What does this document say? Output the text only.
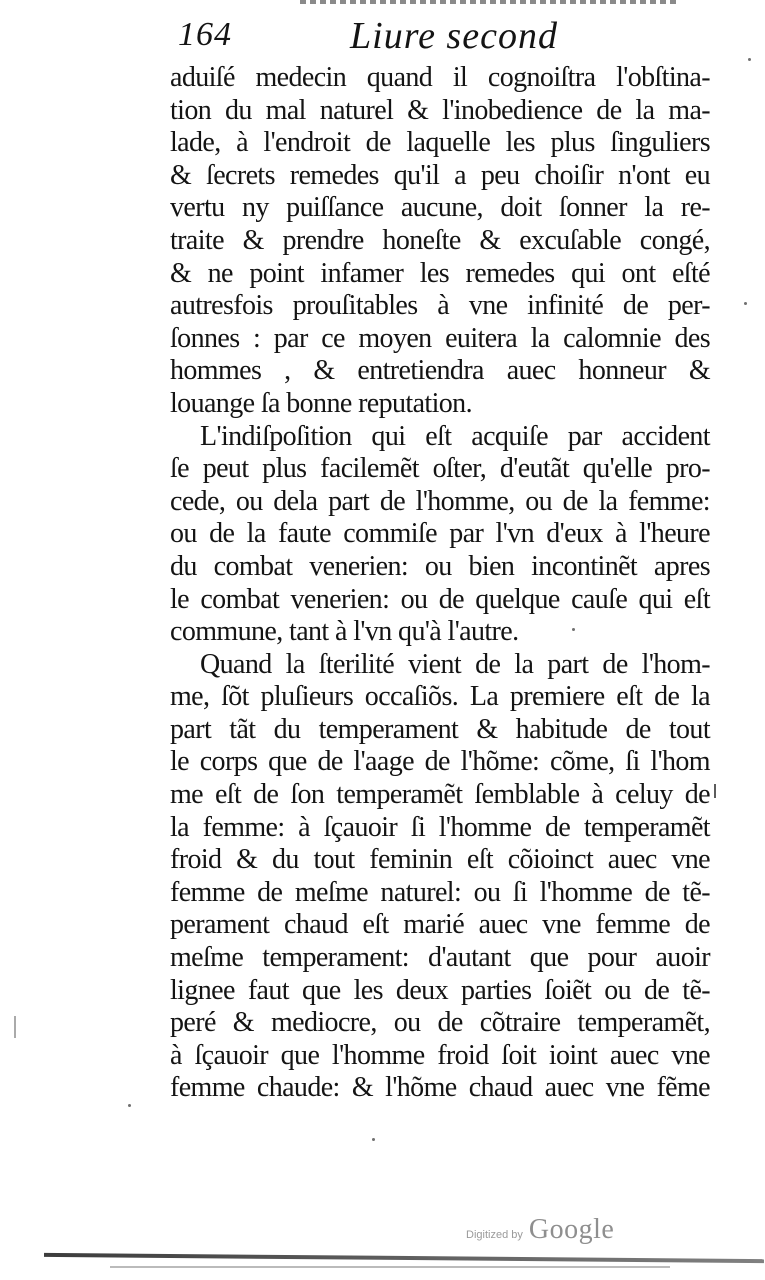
164	Liure second
aduiſé medecin quand il cognoiſtra l'obſtina-
tion du mal naturel & l'inobedience de la ma-
lade, à l'endroit de laquelle les plus ſinguliers
& ſecrets remedes qu'il a peu choiſir n'ont eu
vertu ny puiſſance aucune, doit ſonner la re-
traite & prendre honeſte & excuſable congé,
& ne point infamer les remedes qui ont eſté
autresfois prouſitables à vne infinité de per-
ſonnes : par ce moyen euitera la calomnie des
hommes , & entretiendra auec honneur &
louange ſa bonne reputation.
L'indiſpoſition qui eſt acquiſe par accident
ſe peut plus facilemẽt oſter, d'eutãt qu'elle pro-
cede, ou dela part de l'homme, ou de la femme:
ou de la faute commiſe par l'vn d'eux à l'heure
du combat venerien: ou bien incontinẽt apres
le combat venerien: ou de quelque cauſe qui eſt
commune, tant à l'vn qu'à l'autre.
Quand la ſterilité vient de la part de l'hom-
me, ſõt pluſieurs occaſiõs. La premiere eſt de la
part tãt du temperament & habitude de tout
le corps que de l'aage de l'hõme: cõme, ſi l'hom
me eſt de ſon temperamẽt ſemblable à celuy de
la femme: à ſçauoir ſi l'homme de temperamẽt
froid & du tout feminin eſt cõioinct auec vne
femme de meſme naturel: ou ſi l'homme de tẽ-
perament chaud eſt marié auec vne femme de
meſme temperament: d'autant que pour auoir
lignee faut que les deux parties ſoiẽt ou de tẽ-
peré & mediocre, ou de cõtraire temperamẽt,
à ſçauoir que l'homme froid ſoit ioint auec vne
femme chaude: & l'hõme chaud auec vne fẽme
Digitized by Google
